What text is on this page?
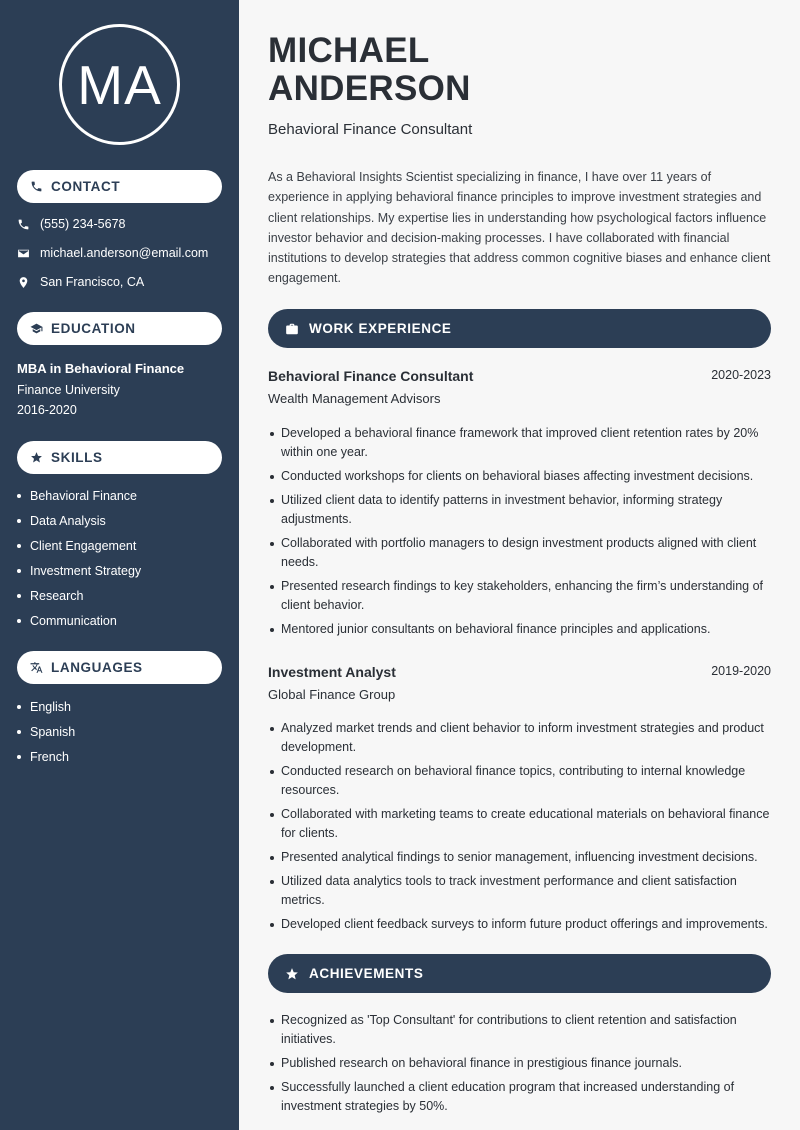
MA
CONTACT
(555) 234-5678
michael.anderson@email.com
San Francisco, CA
EDUCATION
MBA in Behavioral Finance
Finance University
2016-2020
SKILLS
Behavioral Finance
Data Analysis
Client Engagement
Investment Strategy
Research
Communication
LANGUAGES
English
Spanish
French
MICHAEL
ANDERSON
Behavioral Finance Consultant

As a Behavioral Insights Scientist specializing in finance, I have over 11 years of experience in applying behavioral finance principles to improve investment strategies and client relationships. My expertise lies in understanding how psychological factors influence investor behavior and decision-making processes. I have collaborated with financial institutions to develop strategies that address common cognitive biases and enhance client engagement.

WORK EXPERIENCE
Behavioral Finance Consultant	2020-2023
Wealth Management Advisors
Developed a behavioral finance framework that improved client retention rates by 20% within one year.
Conducted workshops for clients on behavioral biases affecting investment decisions.
Utilized client data to identify patterns in investment behavior, informing strategy adjustments.
Collaborated with portfolio managers to design investment products aligned with client needs.
Presented research findings to key stakeholders, enhancing the firm’s understanding of client behavior.
Mentored junior consultants on behavioral finance principles and applications.
Investment Analyst	2019-2020
Global Finance Group
Analyzed market trends and client behavior to inform investment strategies and product development.
Conducted research on behavioral finance topics, contributing to internal knowledge resources.
Collaborated with marketing teams to create educational materials on behavioral finance for clients.
Presented analytical findings to senior management, influencing investment decisions.
Utilized data analytics tools to track investment performance and client satisfaction metrics.
Developed client feedback surveys to inform future product offerings and improvements.
ACHIEVEMENTS
Recognized as 'Top Consultant' for contributions to client retention and satisfaction initiatives.
Published research on behavioral finance in prestigious finance journals.
Successfully launched a client education program that increased understanding of investment strategies by 50%.
